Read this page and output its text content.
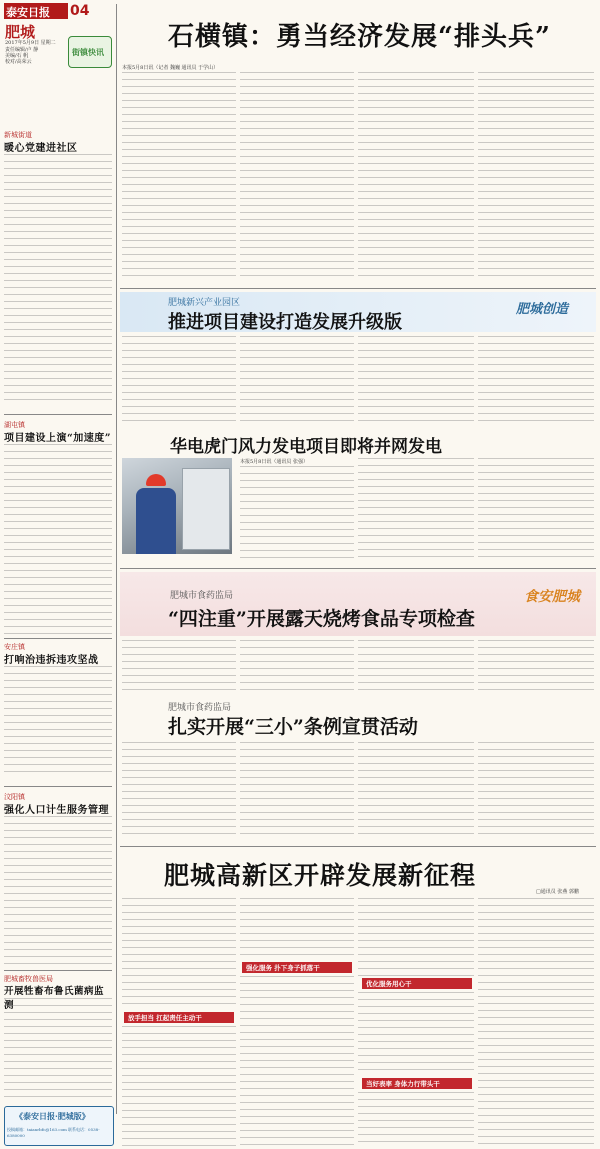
泰安日报 04
肥城
2017年5月9日 星期二
责任编辑/卢 静
美编/石 帆
校对/高荣云
街镇快讯
新城街道
暖心党建进社区
湖屯镇
项目建设上演“加速度”
安庄镇
打响治违拆违攻坚战
汶阳镇
强化人口计生服务管理
肥城畜牧兽医局
开展牲畜布鲁氏菌病监测
《泰安日报·肥城版》
投稿邮箱：taianrbfc@163.com 联系电话：0538-6380000
石横镇：勇当经济发展“排头兵”
本报5月8日讯（记者 魏巍 通讯员 于学山）
肥城新兴产业园区
推进项目建设打造发展升级版
肥城创造
华电虎门风力发电项目即将并网发电
本报5月8日讯（通讯员 张强）
肥城市食药监局
“四注重”开展露天烧烤食品专项检查
食安肥城
肥城市食药监局
扎实开展“三小”条例宣贯活动
肥城高新区开辟发展新征程
□通讯员 张燕 郭鹏
放手担当 扛起责任主动干
强化服务 扑下身子抓落干
优化服务用心干
当好表率 身体力行带头干
